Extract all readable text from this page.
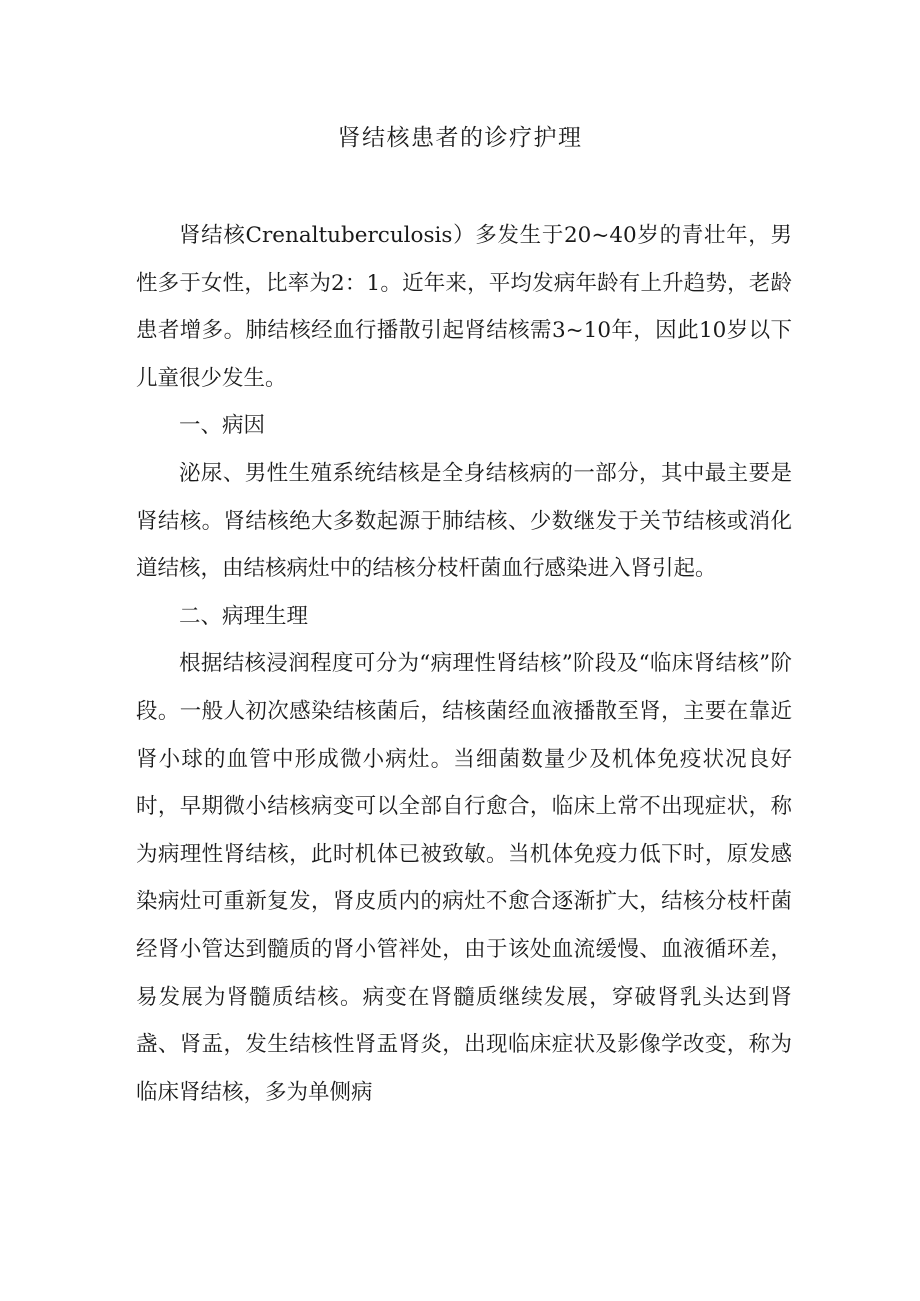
肾结核患者的诊疗护理

肾结核Crenaltuberculosis）多发生于20~40岁的青壮年，男性多于女性，比率为2：1。近年来，平均发病年龄有上升趋势，老龄患者增多。肺结核经血行播散引起肾结核需3~10年，因此10岁以下儿童很少发生。

一、病因

泌尿、男性生殖系统结核是全身结核病的一部分，其中最主要是肾结核。肾结核绝大多数起源于肺结核、少数继发于关节结核或消化道结核，由结核病灶中的结核分枝杆菌血行感染进入肾引起。

二、病理生理

根据结核浸润程度可分为“病理性肾结核”阶段及“临床肾结核”阶段。一般人初次感染结核菌后，结核菌经血液播散至肾，主要在靠近肾小球的血管中形成微小病灶。当细菌数量少及机体免疫状况良好时，早期微小结核病变可以全部自行愈合，临床上常不出现症状，称为病理性肾结核，此时机体已被致敏。当机体免疫力低下时，原发感染病灶可重新复发，肾皮质内的病灶不愈合逐渐扩大，结核分枝杆菌经肾小管达到髓质的肾小管袢处，由于该处血流缓慢、血液循环差，易发展为肾髓质结核。病变在肾髓质继续发展，穿破肾乳头达到肾盏、肾盂，发生结核性肾盂肾炎，出现临床症状及影像学改变，称为临床肾结核，多为单侧病
